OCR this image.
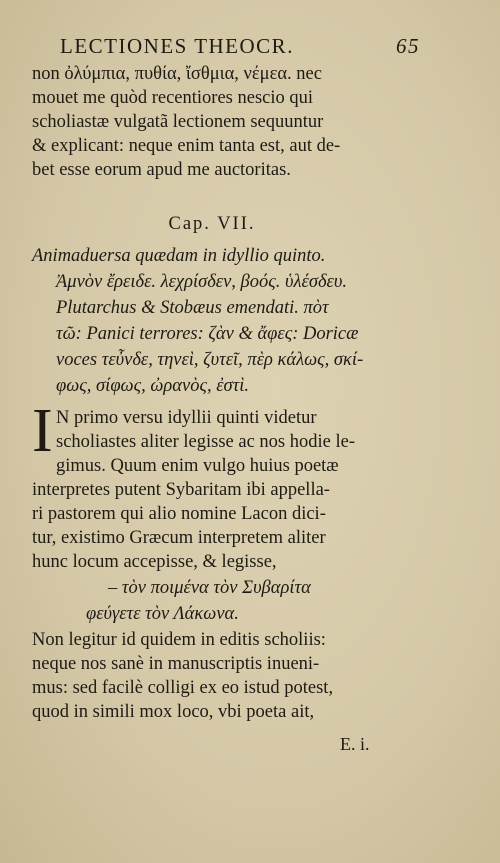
LECTIONES THEOCR.	65
non ὀλύμπια, πυθία, ἴσθμια, νέμεα. nec
mouet me quòd recentiores nescio qui
scholiastæ vulgatã lectionem sequuntur
& explicant: neque enim tanta est, aut de-
bet esse eorum apud me auctoritas.
Cap. VII.
Animaduersa quædam in idyllio quinto.
Ἀμνὸν ἔρειδε. λεχρίσδεν, βοός. ὑλέσδευ.
Plutarchus & Stobæus emendati. πὸτ
τῶ: Panici terrores: ζὰν & ἄφες: Doricæ
voces τεὖνδε, τηνεὶ, ζυτεῖ, πὲρ κάλως, σκί-
φως, σίφως, ὠρανὸς, ἐστὶ.
I N primo versu idyllii quinti videtur
scholiastes aliter legisse ac nos hodie le-
gimus. Quum enim vulgo huius poetæ
interpretes putent Sybaritam ibi appella-
ri pastorem qui alio nomine Lacon dici-
tur, existimo Græcum interpretem aliter
hunc locum accepisse, & legisse,
– τὸν ποιμένα τὸν Συβαρίτα
φεύγετε τὸν Λάκωνα.
Non legitur id quidem in editis scholiis:
neque nos sanè in manuscriptis inueni-
mus: sed facilè colligi ex eo istud potest,
quod in simili mox loco, vbi poeta ait,
E. i.
